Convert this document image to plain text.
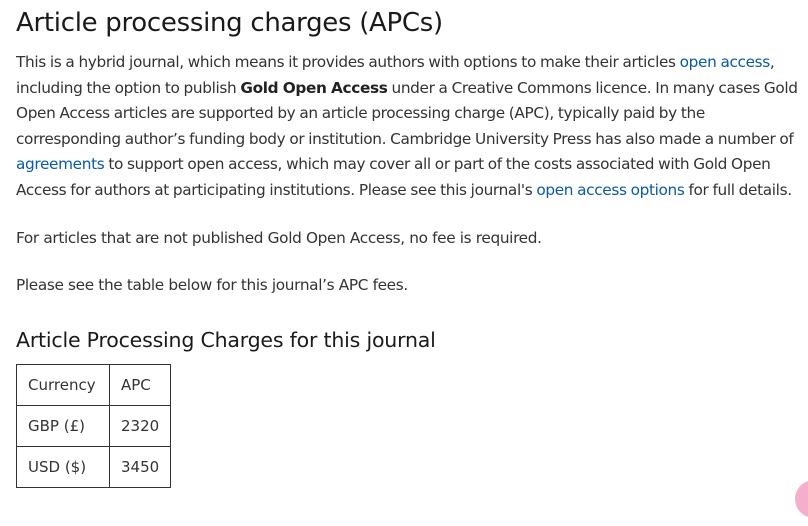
Article processing charges (APCs)

This is a hybrid journal, which means it provides authors with options to make their articles open access, including the option to publish Gold Open Access under a Creative Commons licence. In many cases Gold Open Access articles are supported by an article processing charge (APC), typically paid by the corresponding author’s funding body or institution. Cambridge University Press has also made a number of agreements to support open access, which may cover all or part of the costs associated with Gold Open Access for authors at participating institutions. Please see this journal's open access options for full details.

For articles that are not published Gold Open Access, no fee is required.

Please see the table below for this journal’s APC fees.

Article Processing Charges for this journal
Currency	APC
GBP (£)	2320
USD ($)	3450
